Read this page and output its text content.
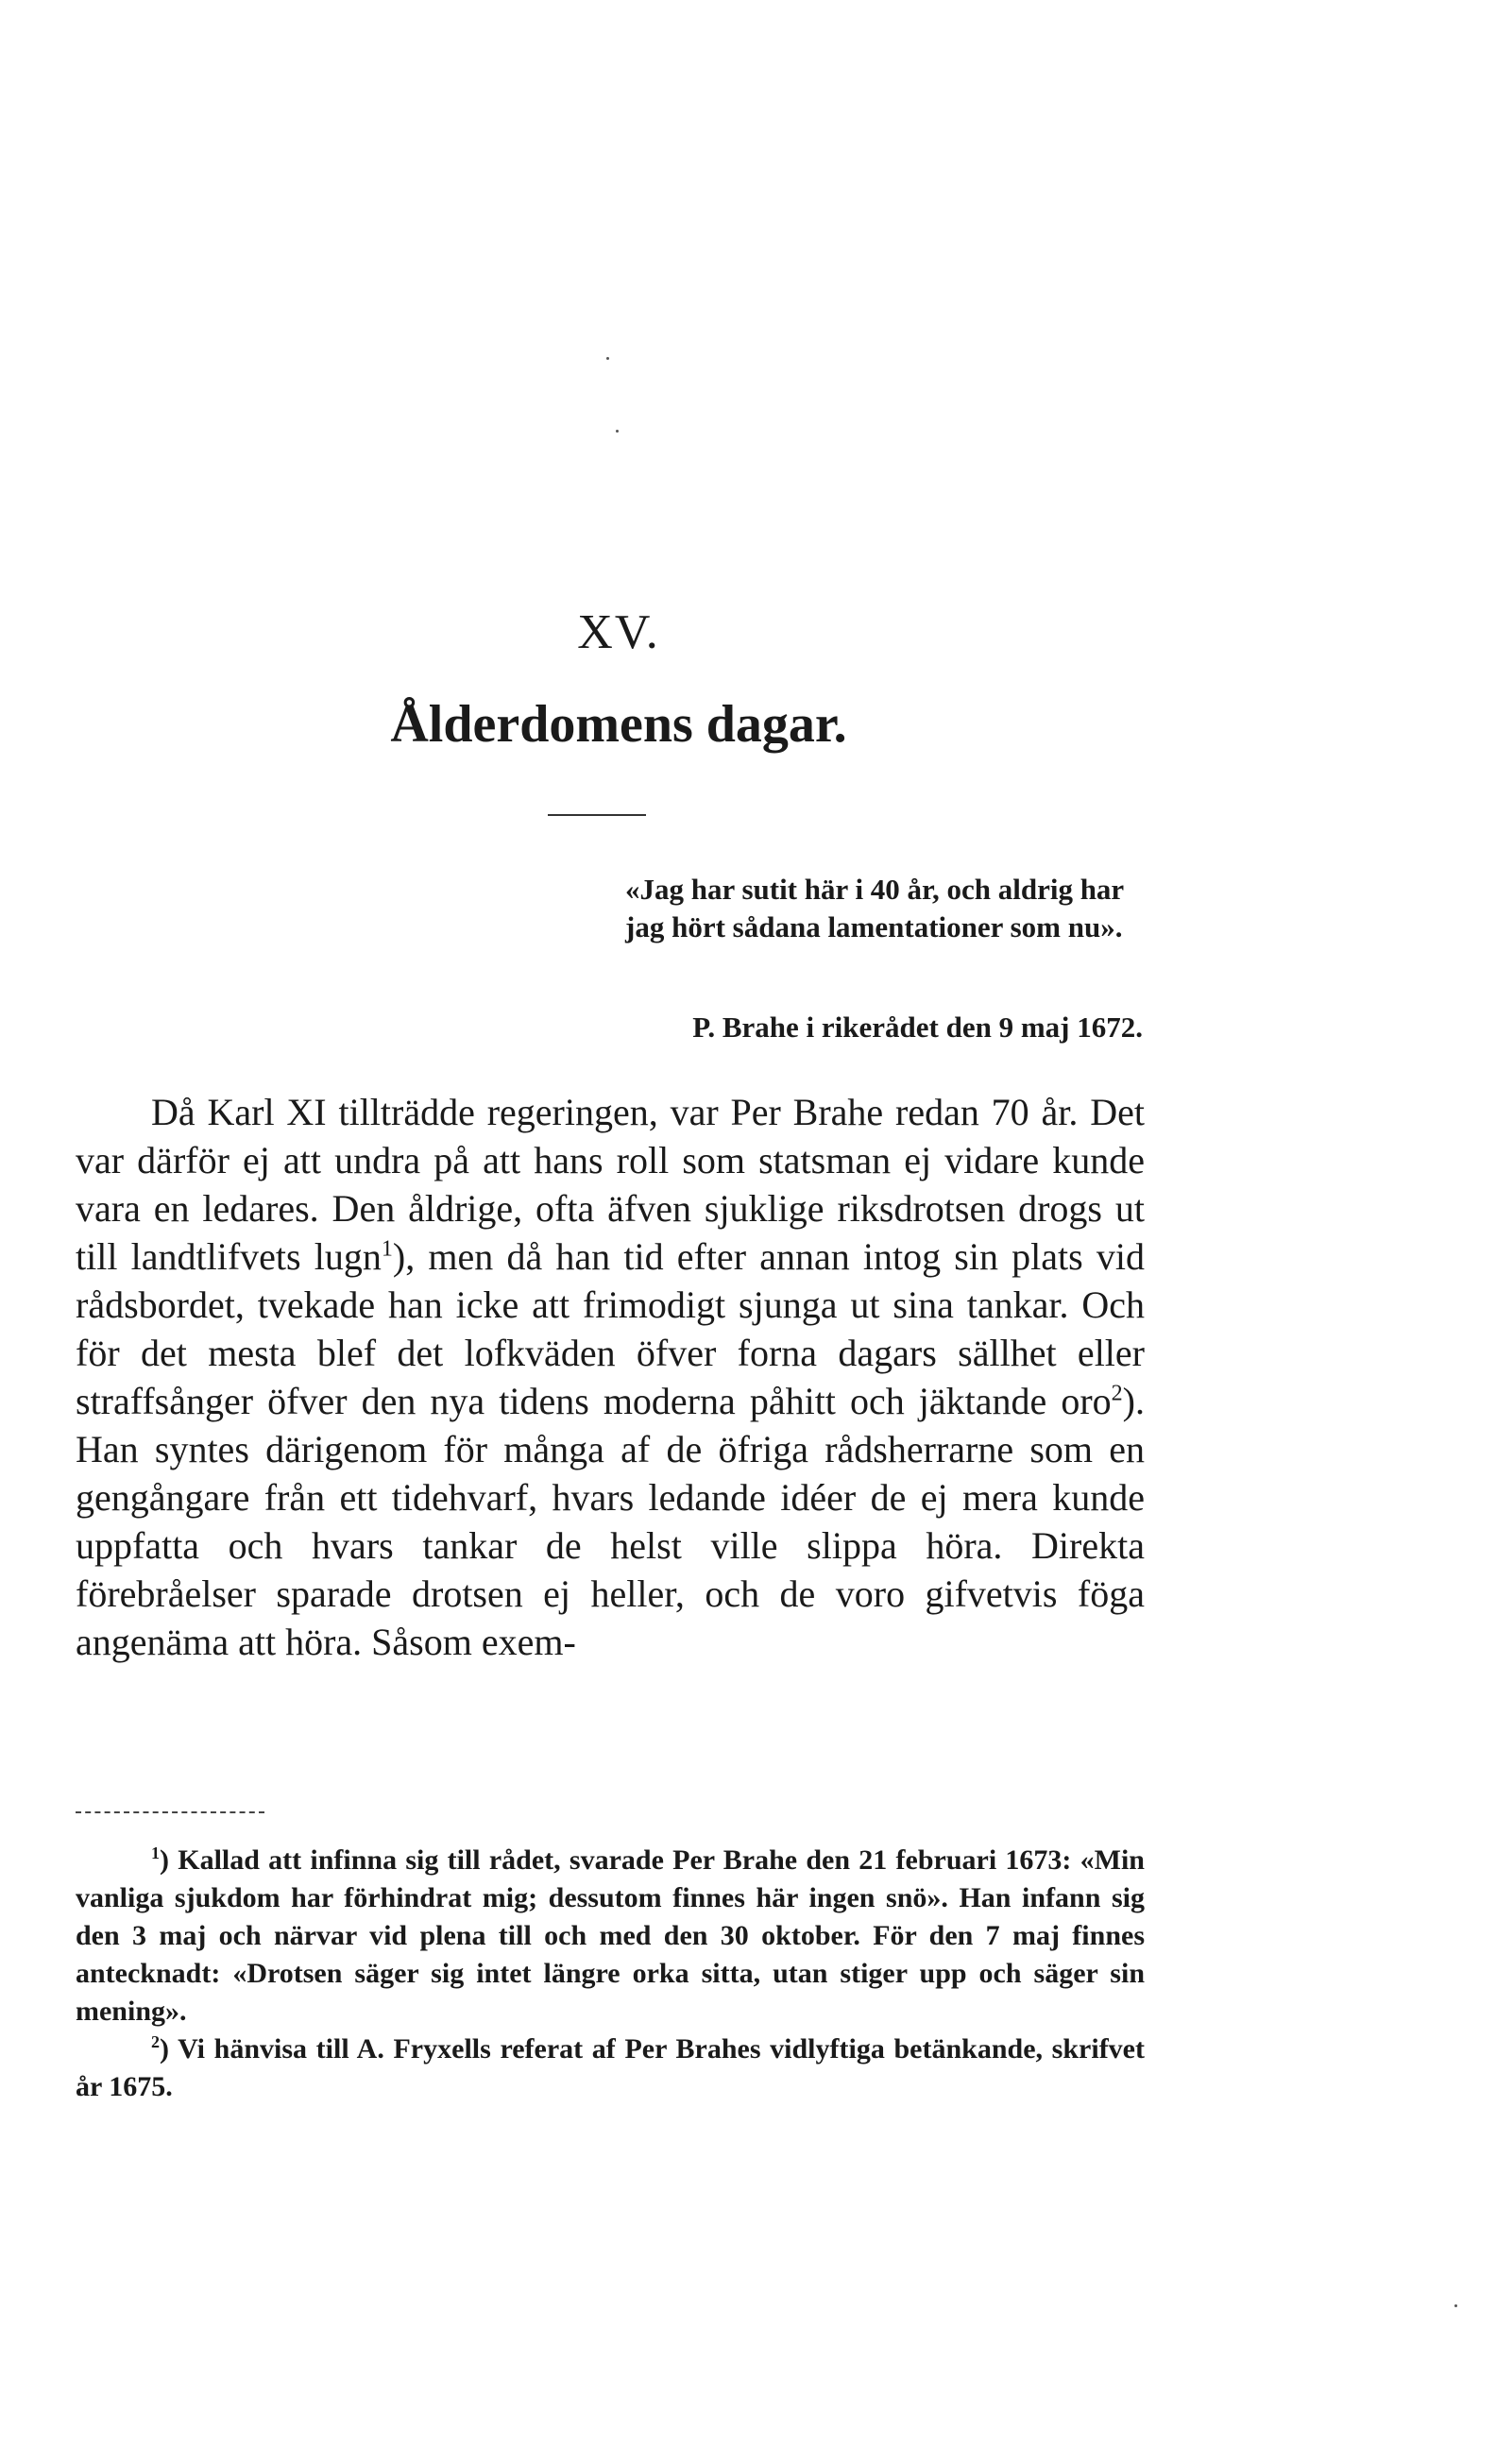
XV.
Ålderdomens dagar.
«Jag har sutit här i 40 år, och aldrig har jag hört sådana lamentationer som nu».
P. Brahe i rikerådet den 9 maj 1672.
Då Karl XI tillträdde regeringen, var Per Brahe redan 70 år. Det var därför ej att undra på att hans roll som statsman ej vidare kunde vara en ledares. Den åldrige, ofta äfven sjuklige riksdrotsen drogs ut till landtlifvets lugn$^1$), men då han tid efter annan intog sin plats vid rådsbordet, tvekade han icke att frimodigt sjunga ut sina tankar. Och för det mesta blef det lofkväden öfver forna dagars sällhet eller straffsånger öfver den nya tidens moderna påhitt och jäktande oro$^2$). Han syntes därigenom för många af de öfriga rådsherrarne som en gengångare från ett tidehvarf, hvars ledande idéer de ej mera kunde uppfatta och hvars tankar de helst ville slippa höra. Direkta förebråelser sparade drotsen ej heller, och de voro gifvetvis föga angenäma att höra. Såsom exem-

$^1$) Kallad att infinna sig till rådet, svarade Per Brahe den 21 februari 1673: «Min vanliga sjukdom har förhindrat mig; dessutom finnes här ingen snö». Han infann sig den 3 maj och närvar vid plena till och med den 30 oktober. För den 7 maj finnes antecknadt: «Drotsen säger sig intet längre orka sitta, utan stiger upp och säger sin mening».

$^2$) Vi hänvisa till A. Fryxells referat af Per Brahes vidlyftiga betänkande, skrifvet år 1675.
